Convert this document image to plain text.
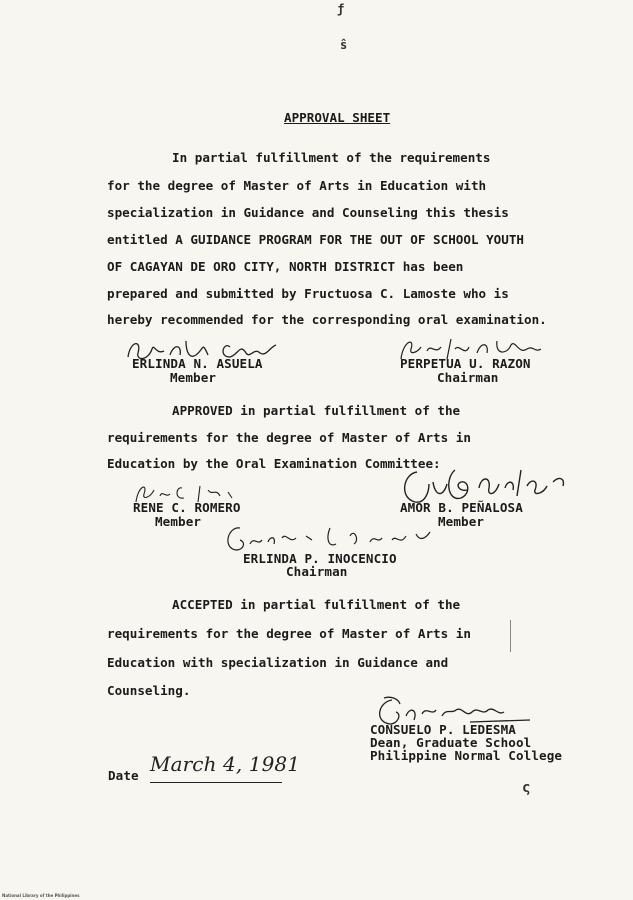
ƒ
ŝ
ς
APPROVAL SHEET
In partial fulfillment of the requirements
for the degree of Master of Arts in Education with
specialization in Guidance and Counseling this thesis
entitled A GUIDANCE PROGRAM FOR THE OUT OF SCHOOL YOUTH
OF CAGAYAN DE ORO CITY, NORTH DISTRICT has been
prepared and submitted by Fructuosa C. Lamoste who is
hereby recommended for the corresponding oral examination.
ERLINDA N. ASUELA
Member
PERPETUA U. RAZON
Chairman
APPROVED in partial fulfillment of the
requirements for the degree of Master of Arts in
Education by the Oral Examination Committee:
RENE C. ROMERO
Member
AMOR B. PEÑALOSA
Member
ERLINDA P. INOCENCIO
Chairman
ACCEPTED in partial fulfillment of the
requirements for the degree of Master of Arts in
Education with specialization in Guidance and
Counseling.
CONSUELO P. LEDESMA
Dean, Graduate School
Philippine Normal College
Date March 4, 1981
National Library of the Philippines
